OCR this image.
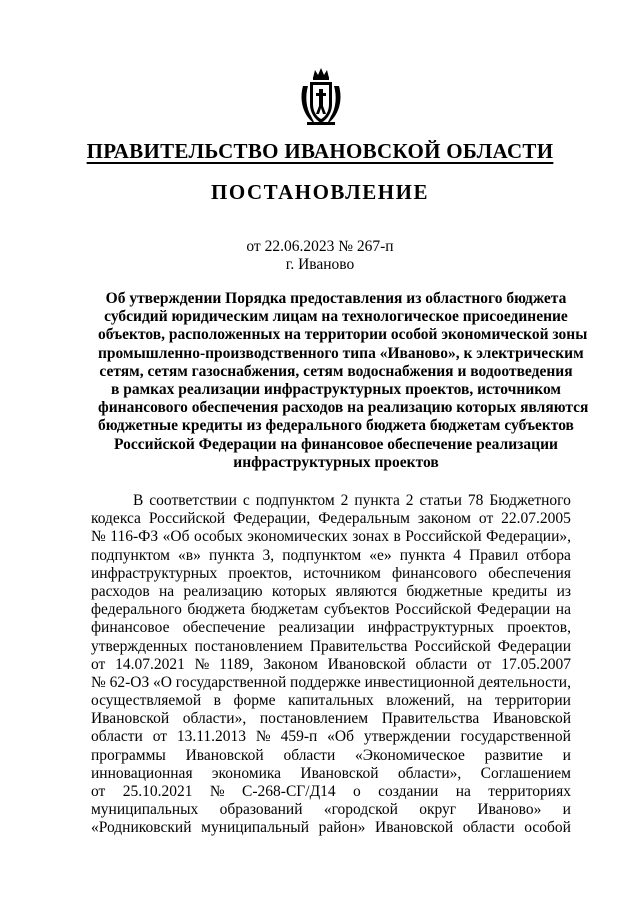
ПРАВИТЕЛЬСТВО ИВАНОВСКОЙ ОБЛАСТИ
ПОСТАНОВЛЕНИЕ
от 22.06.2023 № 267-п
г. Иваново
Об утверждении Порядка предоставления из областного бюджета
субсидий юридическим лицам на технологическое присоединение
объектов, расположенных на территории особой экономической зоны
промышленно-производственного типа «Иваново», к электрическим
сетям, сетям газоснабжения, сетям водоснабжения и водоотведения
в рамках реализации инфраструктурных проектов, источником
финансового обеспечения расходов на реализацию которых являются
бюджетные кредиты из федерального бюджета бюджетам субъектов
Российской Федерации на финансовое обеспечение реализации
инфраструктурных проектов
В соответствии с подпунктом 2 пункта 2 статьи 78 Бюджетного
кодекса Российской Федерации, Федеральным законом от 22.07.2005
№ 116-ФЗ «Об особых экономических зонах в Российской Федерации»,
подпунктом «в» пункта 3, подпунктом «е» пункта 4 Правил отбора
инфраструктурных проектов, источником финансового обеспечения
расходов на реализацию которых являются бюджетные кредиты из
федерального бюджета бюджетам субъектов Российской Федерации на
финансовое обеспечение реализации инфраструктурных проектов,
утвержденных постановлением Правительства Российской Федерации
от 14.07.2021 № 1189, Законом Ивановской области от 17.05.2007
№ 62-ОЗ «О государственной поддержке инвестиционной деятельности,
осуществляемой в форме капитальных вложений, на территории
Ивановской области», постановлением Правительства Ивановской
области от 13.11.2013 № 459-п «Об утверждении государственной
программы Ивановской области «Экономическое развитие и
инновационная экономика Ивановской области», Соглашением
от 25.10.2021 № С-268-СГ/Д14 о создании на территориях
муниципальных образований «городской округ Иваново» и
«Родниковский муниципальный район» Ивановской области особой
